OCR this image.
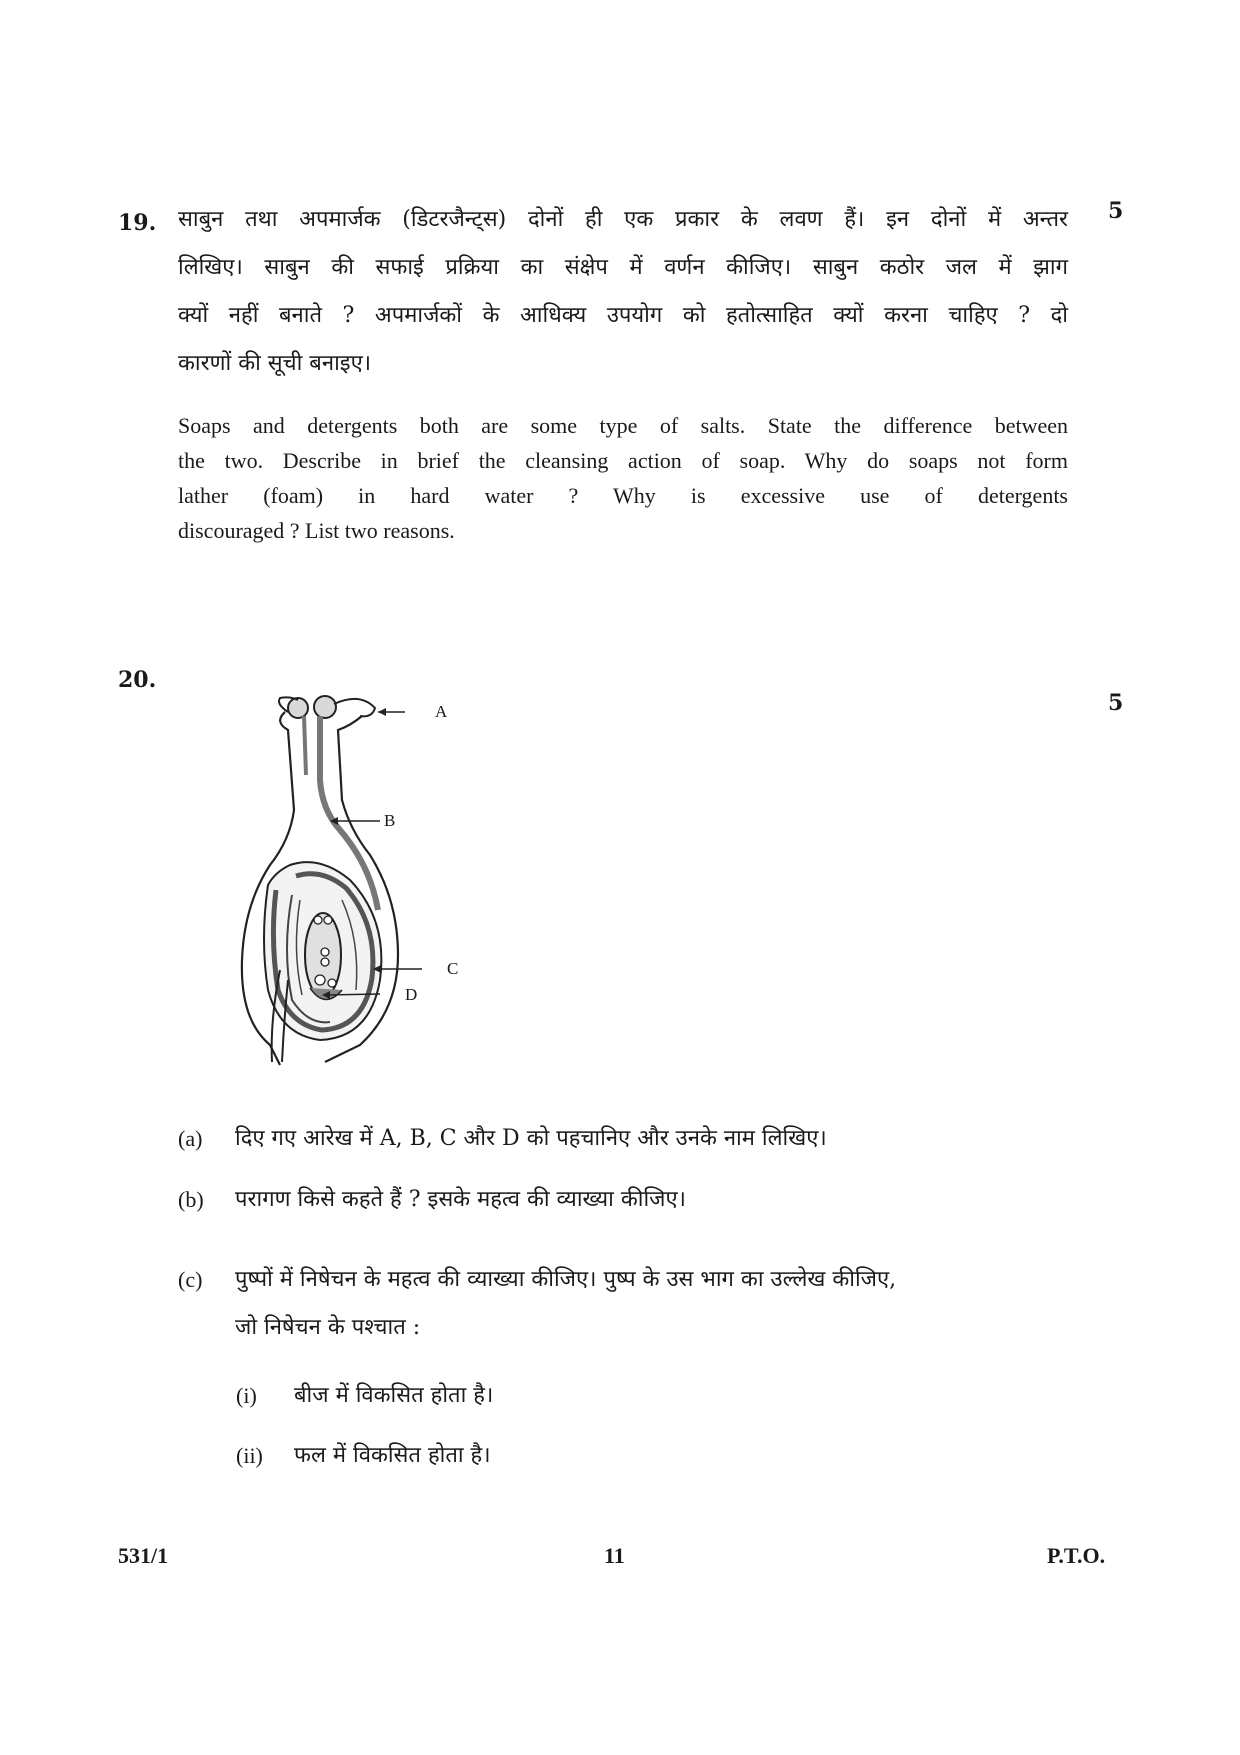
19.	5
साबुन तथा अपमार्जक (डिटरजैन्ट्स) दोनों ही एक प्रकार के लवण हैं। इन दोनों में अन्तर
लिखिए। साबुन की सफाई प्रक्रिया का संक्षेप में वर्णन कीजिए। साबुन कठोर जल में झाग
क्यों नहीं बनाते ? अपमार्जकों के आधिक्य उपयोग को हतोत्साहित क्यों करना चाहिए ? दो
कारणों की सूची बनाइए।
Soaps and detergents both are some type of salts. State the difference between
the two. Describe in brief the cleansing action of soap. Why do soaps not form
lather (foam) in hard water ? Why is excessive use of detergents
discouraged ? List two reasons.
20.
5
A
B
C
D
(a) दिए गए आरेख में A, B, C और D को पहचानिए और उनके नाम लिखिए।
(b) परागण किसे कहते हैं ? इसके महत्व की व्याख्या कीजिए।
(c) पुष्पों में निषेचन के महत्व की व्याख्या कीजिए। पुष्प के उस भाग का उल्लेख कीजिए,
जो निषेचन के पश्चात :
(i) बीज में विकसित होता है।
(ii) फल में विकसित होता है।
531/1	11	P.T.O.
